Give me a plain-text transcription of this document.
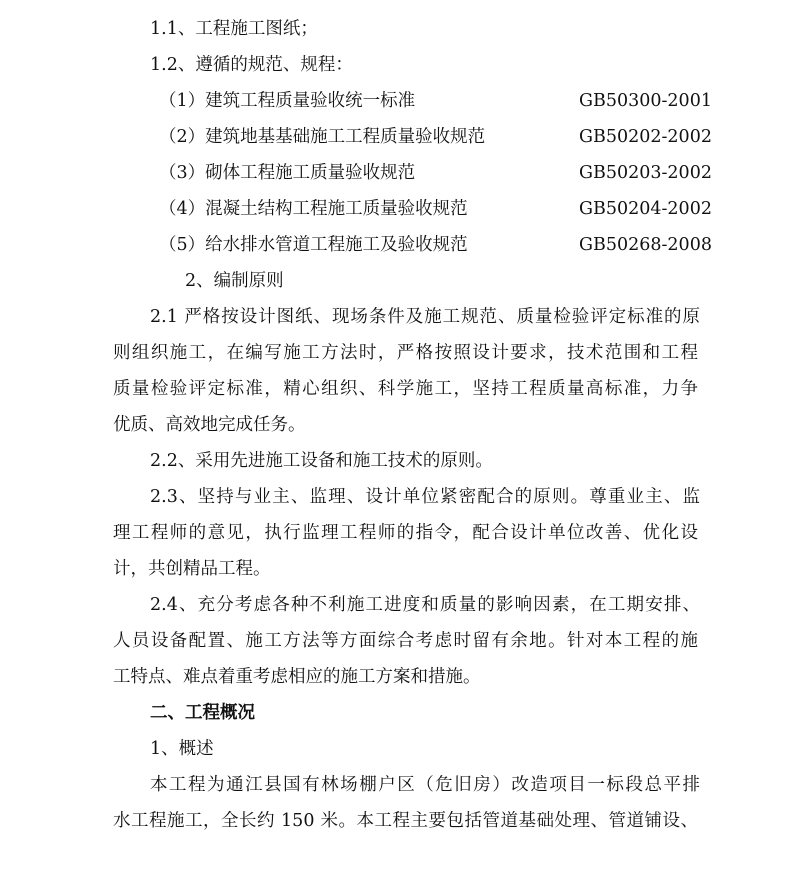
1.1、工程施工图纸；
1.2、遵循的规范、规程：
（1）建筑工程质量验收统一标准	GB50300-2001
（2）建筑地基基础施工工程质量验收规范	GB50202-2002
（3）砌体工程施工质量验收规范	GB50203-2002
（4）混凝土结构工程施工质量验收规范	GB50204-2002
（5）给水排水管道工程施工及验收规范	GB50268-2008
2、编制原则
2.1 严格按设计图纸、现场条件及施工规范、质量检验评定标准的原
则组织施工，在编写施工方法时，严格按照设计要求，技术范围和工程
质量检验评定标准，精心组织、科学施工，坚持工程质量高标准，力争
优质、高效地完成任务。
2.2、采用先进施工设备和施工技术的原则。
2.3、坚持与业主、监理、设计单位紧密配合的原则。尊重业主、监
理工程师的意见，执行监理工程师的指令，配合设计单位改善、优化设
计，共创精品工程。
2.4、充分考虑各种不利施工进度和质量的影响因素，在工期安排、
人员设备配置、施工方法等方面综合考虑时留有余地。针对本工程的施
工特点、难点着重考虑相应的施工方案和措施。
二、工程概况
1、概述
本工程为通江县国有林场棚户区（危旧房）改造项目一标段总平排
水工程施工，全长约 150 米。本工程主要包括管道基础处理、管道铺设、
